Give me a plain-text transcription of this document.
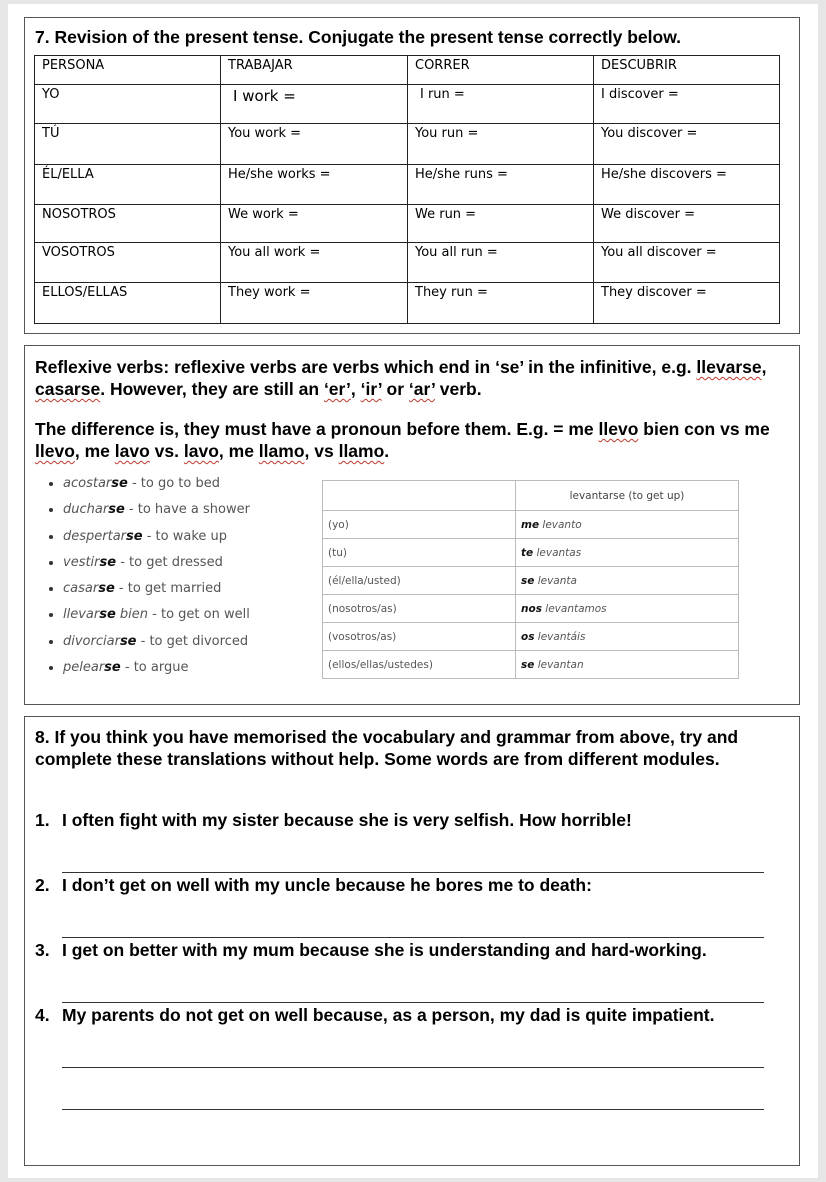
7. Revision of the present tense. Conjugate the present tense correctly below.
PERSONA	TRABAJAR	CORRER	DESCUBRIR
YO	I work =	I run =	I discover =
TÚ	You work =	You run =	You discover =
ÉL/ELLA	He/she works =	He/she runs =	He/she discovers =
NOSOTROS	We work =	We run =	We discover =
VOSOTROS	You all work =	You all run =	You all discover =
ELLOS/ELLAS	They work =	They run =	They discover =
Reflexive verbs: reflexive verbs are verbs which end in ‘se’ in the infinitive, e.g. llevarse, casarse. However, they are still an ‘er’, ‘ir’ or ‘ar’ verb.
The difference is, they must have a pronoun before them. E.g. = me llevo bien con vs me llevo, me lavo vs. lavo, me llamo, vs llamo.
• acostarse - to go to bed
• ducharse - to have a shower
• despertarse - to wake up
• vestirse - to get dressed
• casarse - to get married
• llevarse bien - to get on well
• divorciarse - to get divorced
• pelearse - to argue
	levantarse (to get up)
(yo)	me levanto
(tu)	te levantas
(él/ella/usted)	se levanta
(nosotros/as)	nos levantamos
(vosotros/as)	os levantáis
(ellos/ellas/ustedes)	se levantan
8. If you think you have memorised the vocabulary and grammar from above, try and complete these translations without help. Some words are from different modules.
1. I often fight with my sister because she is very selfish. How horrible!
2. I don’t get on well with my uncle because he bores me to death:
3. I get on better with my mum because she is understanding and hard-working.
4. My parents do not get on well because, as a person, my dad is quite impatient.
